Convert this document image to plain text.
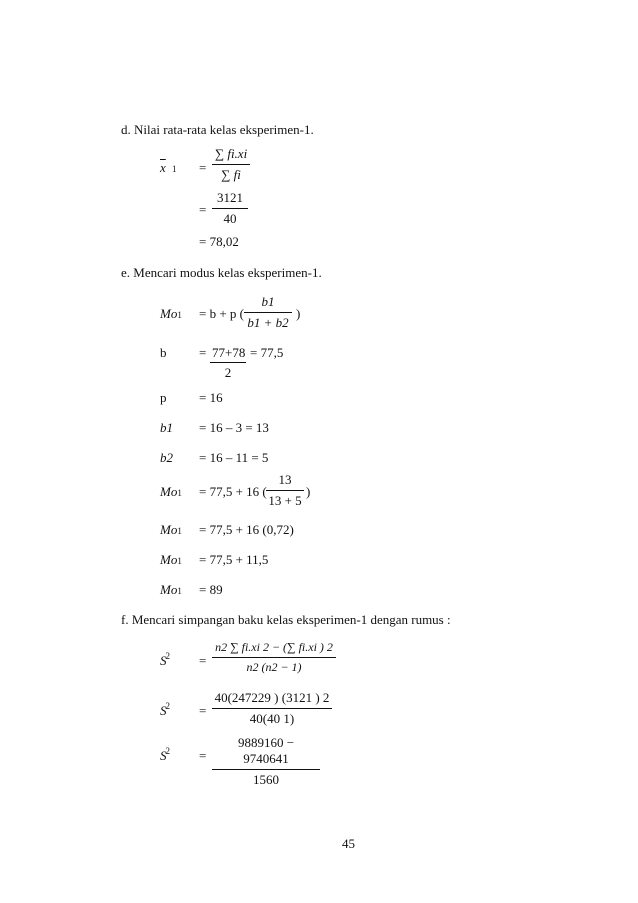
d. Nilai rata-rata kelas eksperimen-1.
$\overline{x}$ $1 = \frac{\sum fi.xi}{\sum fi}$
= $\frac{3121}{40}$
= 78,02
e. Mencari modus kelas eksperimen-1.
Mo1 = b + p ( $\frac{b1}{b1 + b2}$ )
b	= $\frac{77+78}{2} = 77,5$
p	= 16
b1 = 16 – 3 = 13
b2 = 16 – 11 = 5
Mo1 = 77,5 + 16 ( $\frac{13}{13 + 5}$ )
Mo1 = 77,5 + 16 (0,72)
Mo1 = 77,5 + 11,5
Mo1 = 89
f. Mencari simpangan baku kelas eksperimen-1 dengan rumus :
$S^2 = \frac{n2 \sum fi.xi 2 - (\sum fi.xi ) 2}{n2 (n2 - 1)}$
$S^2 = \frac{40(247229 ) (3121 ) 2}{40(40 1)}$
$S^2 = \frac{9889160 - 9740641}{1560}$
45
